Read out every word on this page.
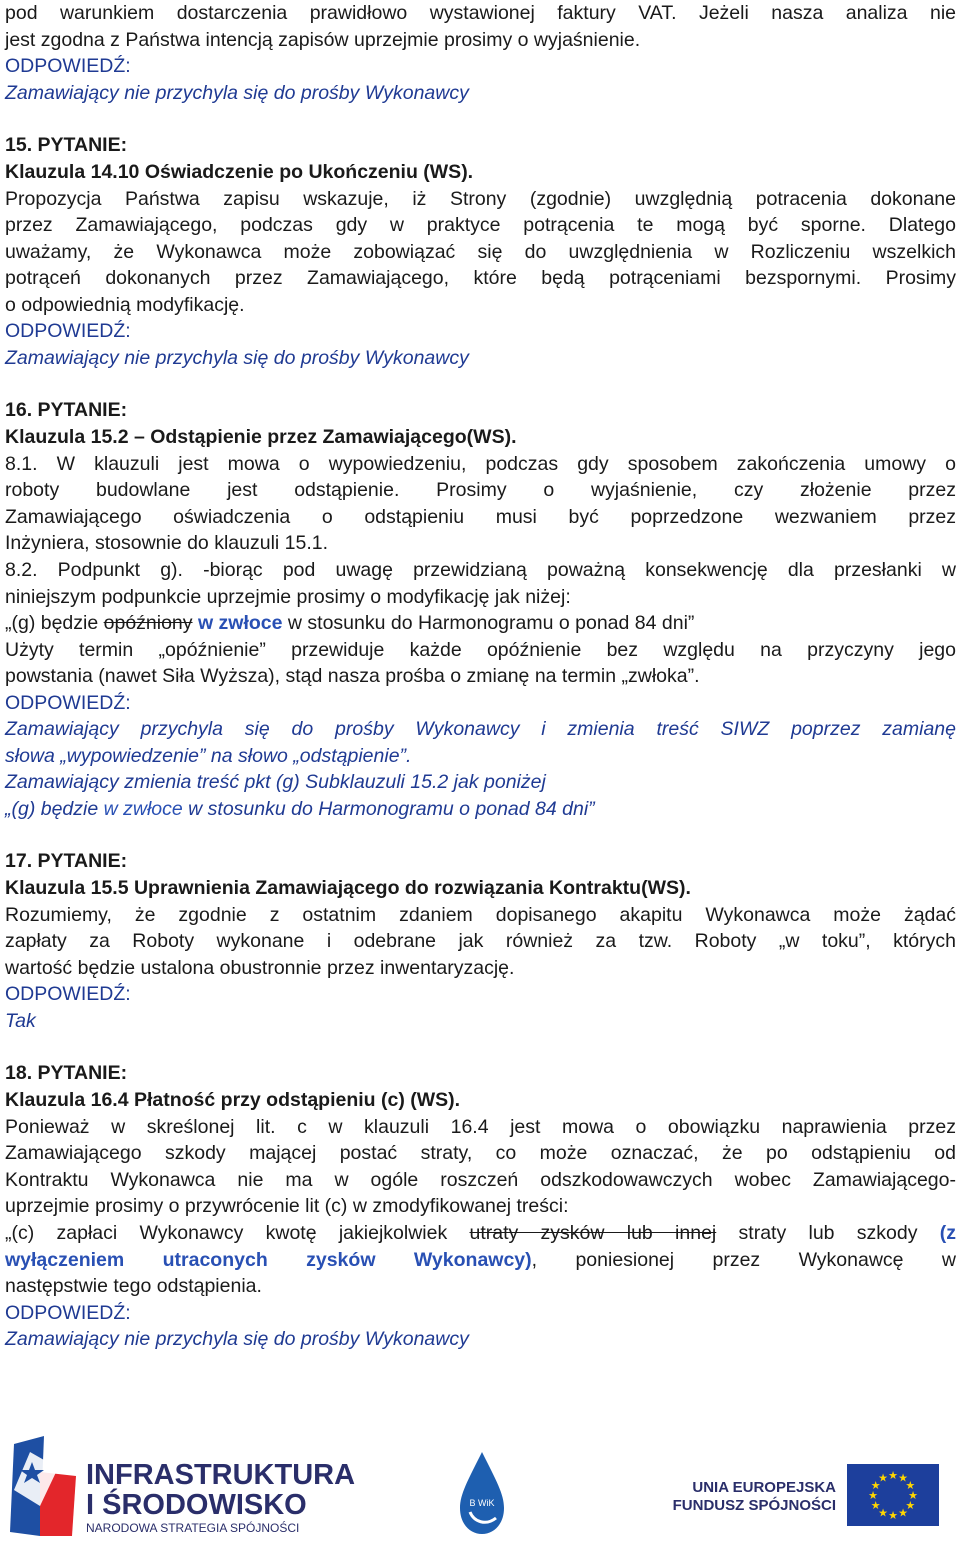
pod warunkiem dostarczenia prawidłowo wystawionej faktury VAT. Jeżeli nasza analiza nie
jest zgodna z Państwa intencją zapisów uprzejmie prosimy o wyjaśnienie.
ODPOWIEDŹ:
Zamawiający nie przychyla się do prośby Wykonawcy
15. PYTANIE:
Klauzula 14.10 Oświadczenie po Ukończeniu (WS).
Propozycja Państwa zapisu wskazuje, iż Strony (zgodnie) uwzględnią potracenia dokonane
przez Zamawiającego, podczas gdy w praktyce potrącenia te mogą być sporne. Dlatego
uważamy, że Wykonawca może zobowiązać się do uwzględnienia w Rozliczeniu wszelkich
potrąceń dokonanych przez Zamawiającego, które będą potrąceniami bezspornymi. Prosimy
o odpowiednią modyfikację.
ODPOWIEDŹ:
Zamawiający nie przychyla się do prośby Wykonawcy
16. PYTANIE:
Klauzula 15.2 – Odstąpienie przez Zamawiającego(WS).
8.1. W klauzuli jest mowa o wypowiedzeniu, podczas gdy sposobem zakończenia umowy o
roboty budowlane jest odstąpienie. Prosimy o wyjaśnienie, czy złożenie przez
Zamawiającego oświadczenia o odstąpieniu musi być poprzedzone wezwaniem przez
Inżyniera, stosownie do klauzuli 15.1.
8.2. Podpunkt g). -biorąc pod uwagę przewidzianą poważną konsekwencję dla przesłanki w
niniejszym podpunkcie uprzejmie prosimy o modyfikację jak niżej:
„(g) będzie opóźniony w zwłoce w stosunku do Harmonogramu o ponad 84 dni”
Użyty termin „opóźnienie” przewiduje każde opóźnienie bez względu na przyczyny jego
powstania (nawet Siła Wyższa), stąd nasza prośba o zmianę na termin „zwłoka”.
ODPOWIEDŹ:
Zamawiający przychyla się do prośby Wykonawcy i zmienia treść SIWZ poprzez zamianę
słowa „wypowiedzenie” na słowo „odstąpienie”.
Zamawiający zmienia treść pkt (g) Subklauzuli 15.2 jak poniżej
„(g) będzie w zwłoce w stosunku do Harmonogramu o ponad 84 dni”
17. PYTANIE:
Klauzula 15.5 Uprawnienia Zamawiającego do rozwiązania Kontraktu(WS).
Rozumiemy, że zgodnie z ostatnim zdaniem dopisanego akapitu Wykonawca może żądać
zapłaty za Roboty wykonane i odebrane jak również za tzw. Roboty „w toku”, których
wartość będzie ustalona obustronnie przez inwentaryzację.
ODPOWIEDŹ:
Tak
18. PYTANIE:
Klauzula 16.4 Płatność przy odstąpieniu (c) (WS).
Ponieważ w skreślonej lit. c w klauzuli 16.4 jest mowa o obowiązku naprawienia przez
Zamawiającego szkody mającej postać straty, co może oznaczać, że po odstąpieniu od
Kontraktu Wykonawca nie ma w ogóle roszczeń odszkodowawczych wobec Zamawiającego-
uprzejmie prosimy o przywrócenie lit (c) w zmodyfikowanej treści:
„(c) zapłaci Wykonawcy kwotę jakiejkolwiek utraty zysków lub innej straty lub szkody (z
wyłączeniem utraconych zysków Wykonawcy), poniesionej przez Wykonawcę w
następstwie tego odstąpienia.
ODPOWIEDŹ:
Zamawiający nie przychyla się do prośby Wykonawcy
INFRASTRUKTURA
I ŚRODOWISKO
NARODOWA STRATEGIA SPÓJNOŚCI
B WiK
UNIA EUROPEJSKA
FUNDUSZ SPÓJNOŚCI
★ ★
★
★
★
★
★
★
★
★
★
★
